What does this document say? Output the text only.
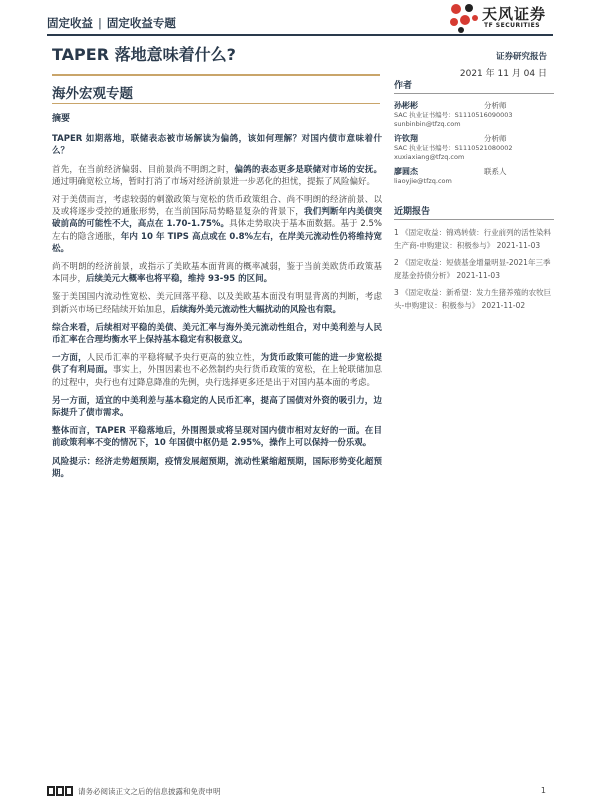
固定收益 | 固定收益专题	天风证券
TF SECURITIES
TAPER 落地意味着什么?	证券研究报告
2021 年 11 月 04 日
海外宏观专题
摘要

TAPER 如期落地，联储表态被市场解读为偏鸽，该如何理解？对国内债市意味着什么？

首先，在当前经济偏弱、目前景尚不明朗之时，偏鸽的表态更多是联储对市场的安抚。通过明确宽松立场，暂时打消了市场对经济前景进一步恶化的担忧，提振了风险偏好。

对于美债而言，考虑较弱的刺激政策与宽松的货币政策组合、尚不明朗的经济前景、以及或将逐步受控的通胀形势，在当前国际局势略显复杂的背景下，我们判断年内美债突破前高的可能性不大，高点在 1.70-1.75%。具体走势取决于基本面数据。基于 2.5%左右的隐含通胀，年内 10 年 TIPS 高点或在 0.8%左右，在岸美元流动性仍将维持宽松。

尚不明朗的经济前景，或指示了美欧基本面背离的概率减弱，鉴于当前美欧货币政策基本同步，后续美元大概率也将平稳，维持 93-95 的区间。

鉴于美国国内流动性宽松、美元回落平稳、以及美欧基本面没有明显背离的判断，考虑到新兴市场已经陆续开始加息，后续海外美元流动性大幅扰动的风险也有限。

综合来看，后续相对平稳的美债、美元汇率与海外美元流动性组合，对中美利差与人民币汇率在合理均衡水平上保持基本稳定有积极意义。

一方面，人民币汇率的平稳将赋予央行更高的独立性，为货币政策可能的进一步宽松提供了有利局面。事实上，外围因素也不必然制约央行货币政策的宽松，在上轮联储加息的过程中，央行也有过降息降准的先例，央行选择更多还是出于对国内基本面的考虑。

另一方面，适宜的中美利差与基本稳定的人民币汇率，提高了国债对外资的吸引力，边际提升了债市需求。

整体而言，TAPER 平稳落地后，外围图景或将呈现对国内债市相对友好的一面。在目前政策利率不变的情况下，10 年国债中枢仍是 2.95%，操作上可以保持一份乐观。

风险提示：经济走势超预期，疫情发展超预期，流动性紧缩超预期，国际形势变化超预期。

作者
孙彬彬	分析师
SAC 执业证书编号：S1110516090003
sunbinbin@tfzq.com
许钦翔	分析师
SAC 执业证书编号：S1110521080002
xuxiaxiang@tfzq.com
廖圆杰	联系人
liaoyjie@tfzq.com
近期报告
1 《固定收益：锦鸡转债：行业前列的活性染料生产商-申购建议：积极参与》 2021-11-03
2 《固定收益：短债基金增量明显-2021年三季度基金持债分析》 2021-11-03
3 《固定收益：新希望：发力生猪养殖的农牧巨头-申购建议：积极参与》 2021-11-02
请务必阅读正文之后的信息披露和免责申明	1
